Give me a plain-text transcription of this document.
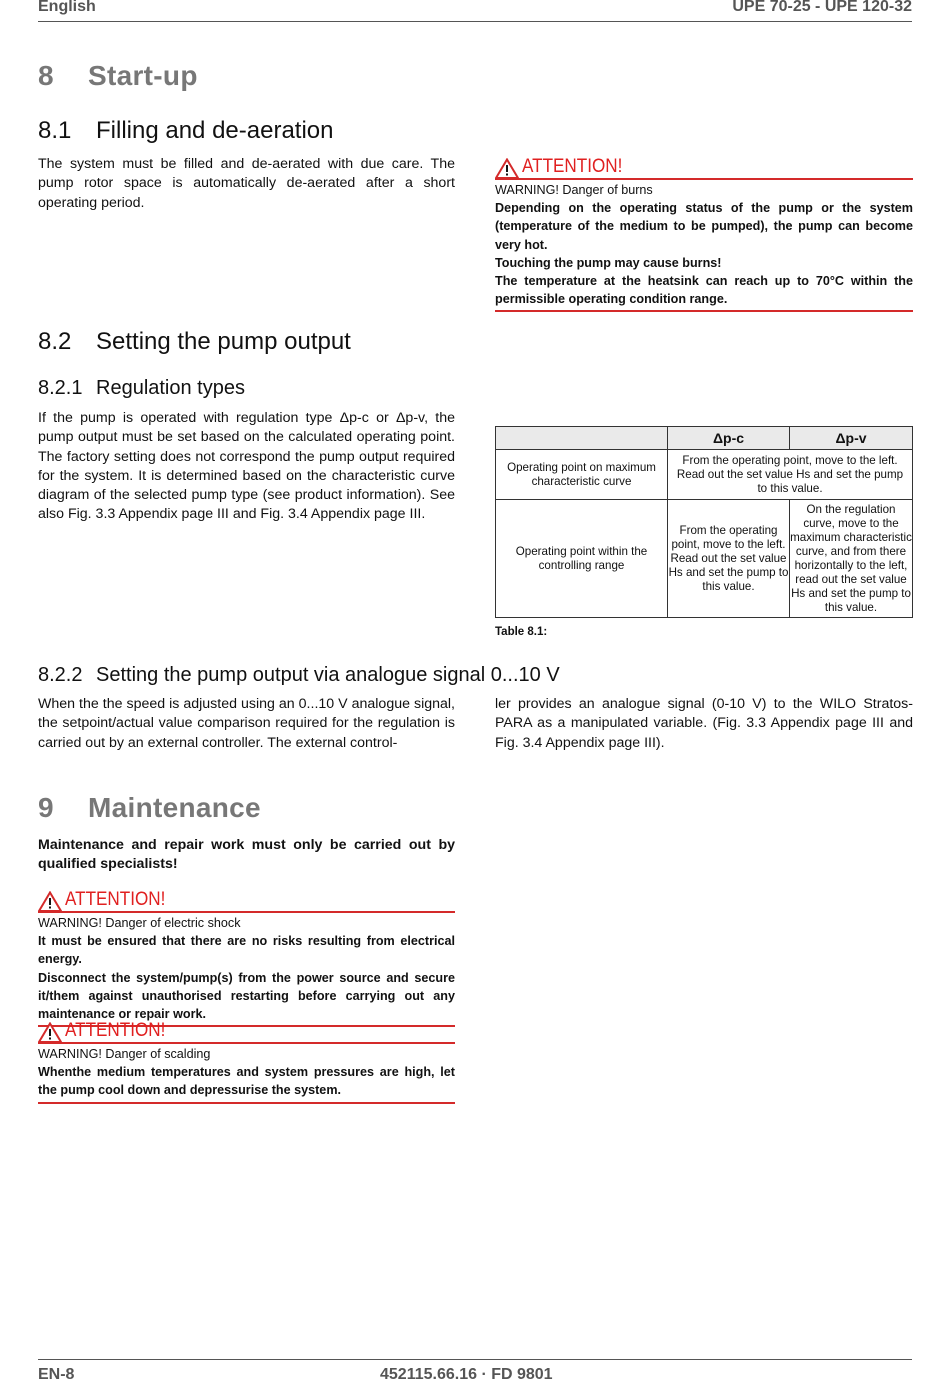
English	UPE 70-25 - UPE 120-32
8 Start-up
8.1 Filling and de-aeration
The system must be filled and de-aerated with due care. The pump rotor space is automatically de-aerated after a short operating period.
ATTENTION!
WARNING! Danger of burns
Depending on the operating status of the pump or the system (temperature of the medium to be pumped), the pump can become very hot.
Touching the pump may cause burns!
The temperature at the heatsink can reach up to 70°C within the permissible operating condition range.
8.2 Setting the pump output
8.2.1 Regulation types
If the pump is operated with regulation type Δp-c or Δp-v, the pump output must be set based on the calculated operating point. The factory setting does not correspond the pump output required for the system. It is determined based on the characteristic curve diagram of the selected pump type (see product information). See also Fig. 3.3 Appendix page III and Fig. 3.4 Appendix page III.
	Δp-c	Δp-v
Operating point on maximum characteristic curve	From the operating point, move to the left. Read out the set value Hs and set the pump to this value.	
Operating point within the controlling range	From the operating point, move to the left. Read out the set value Hs and set the pump to this value.	On the regulation curve, move to the maximum characteristic curve, and from there horizontally to the left, read out the set value Hs and set the pump to this value.
Table 8.1:
8.2.2 Setting the pump output via analogue signal 0...10 V
When the the speed is adjusted using an 0...10 V analogue signal, the setpoint/actual value comparison required for the regulation is carried out by an external controller. The external control-
ler provides an analogue signal (0-10 V) to the WILO Stratos-PARA as a manipulated variable. (Fig. 3.3 Appendix page III and Fig. 3.4 Appendix page III).
9 Maintenance
Maintenance and repair work must only be carried out by qualified specialists!
ATTENTION!
WARNING! Danger of electric shock
It must be ensured that there are no risks resulting from electrical energy.
Disconnect the system/pump(s) from the power source and secure it/them against unauthorised restarting before carrying out any maintenance or repair work.
ATTENTION!
WARNING! Danger of scalding
Whenthe medium temperatures and system pressures are high, let the pump cool down and depressurise the system.
EN-8	452115.66.16 · FD 9801
